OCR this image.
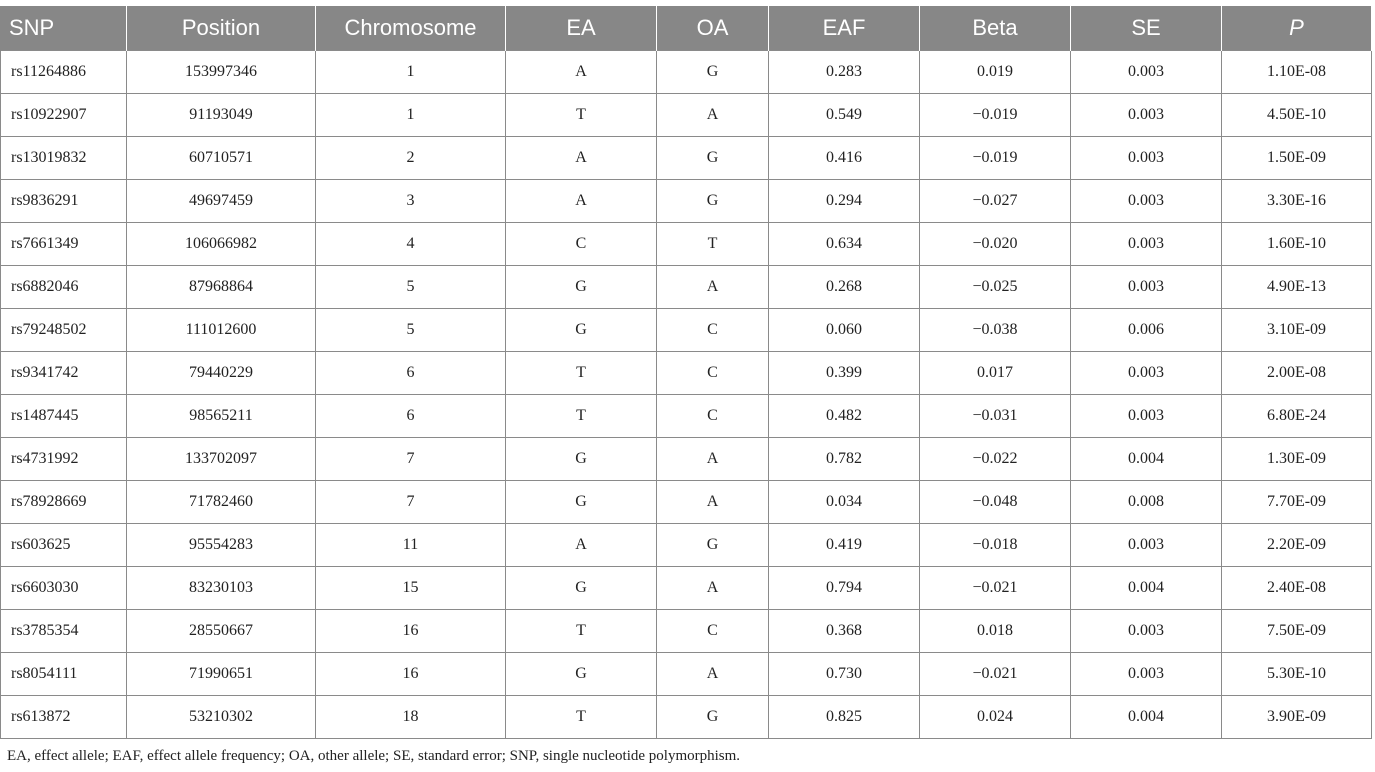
SNP	Position	Chromosome	EA	OA	EAF	Beta	SE	P
rs11264886	153997346	1	A	G	0.283	0.019	0.003	1.10E-08
rs10922907	91193049	1	T	A	0.549	−0.019	0.003	4.50E-10
rs13019832	60710571	2	A	G	0.416	−0.019	0.003	1.50E-09
rs9836291	49697459	3	A	G	0.294	−0.027	0.003	3.30E-16
rs7661349	106066982	4	C	T	0.634	−0.020	0.003	1.60E-10
rs6882046	87968864	5	G	A	0.268	−0.025	0.003	4.90E-13
rs79248502	111012600	5	G	C	0.060	−0.038	0.006	3.10E-09
rs9341742	79440229	6	T	C	0.399	0.017	0.003	2.00E-08
rs1487445	98565211	6	T	C	0.482	−0.031	0.003	6.80E-24
rs4731992	133702097	7	G	A	0.782	−0.022	0.004	1.30E-09
rs78928669	71782460	7	G	A	0.034	−0.048	0.008	7.70E-09
rs603625	95554283	11	A	G	0.419	−0.018	0.003	2.20E-09
rs6603030	83230103	15	G	A	0.794	−0.021	0.004	2.40E-08
rs3785354	28550667	16	T	C	0.368	0.018	0.003	7.50E-09
rs8054111	71990651	16	G	A	0.730	−0.021	0.003	5.30E-10
rs613872	53210302	18	T	G	0.825	0.024	0.004	3.90E-09
EA, effect allele; EAF, effect allele frequency; OA, other allele; SE, standard error; SNP, single nucleotide polymorphism.
